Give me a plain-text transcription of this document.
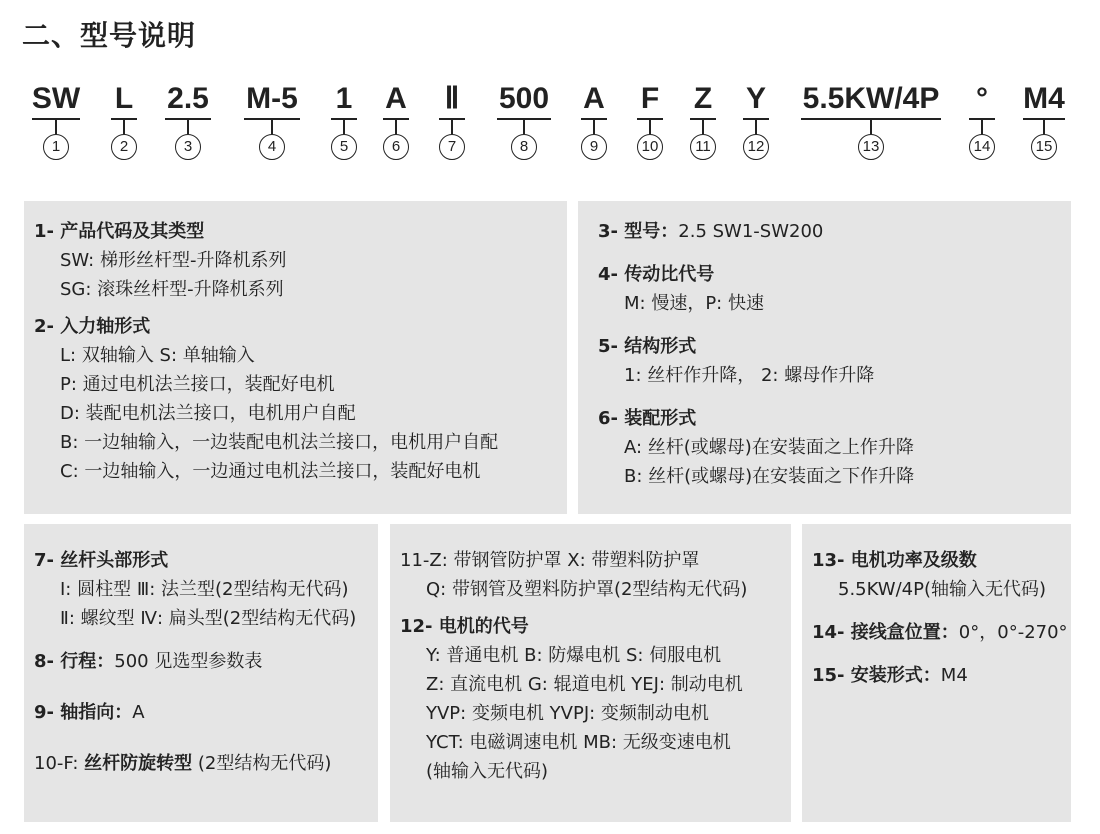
二、型号说明
SW
1
L
2
2.5
3
M-5
4
1
5
A
6
Ⅱ
7
500
8
A
9
F
10
Z
11
Y
12
5.5KW/4P
13
°
14
M4
15
1- 产品代码及其类型
SW: 梯形丝杆型-升降机系列
SG: 滚珠丝杆型-升降机系列
2- 入力轴形式
L: 双轴输入 S: 单轴输入
P: 通过电机法兰接口，装配好电机
D: 装配电机法兰接口，电机用户自配
B: 一边轴输入，一边装配电机法兰接口，电机用户自配
C: 一边轴输入，一边通过电机法兰接口，装配好电机
3- 型号：2.5 SW1-SW200
4- 传动比代号
M: 慢速，P: 快速
5- 结构形式
1: 丝杆作升降， 2: 螺母作升降
6- 装配形式
A: 丝杆(或螺母)在安装面之上作升降
B: 丝杆(或螺母)在安装面之下作升降
7- 丝杆头部形式
Ⅰ: 圆柱型 Ⅲ: 法兰型(2型结构无代码)
Ⅱ: 螺纹型 Ⅳ: 扁头型(2型结构无代码)
8- 行程：500 见选型参数表
9- 轴指向：A
10-F: 丝杆防旋转型 (2型结构无代码)
11-Z: 带钢管防护罩 X: 带塑料防护罩
Q: 带钢管及塑料防护罩(2型结构无代码)
12- 电机的代号
Y: 普通电机 B: 防爆电机 S: 伺服电机
Z: 直流电机 G: 辊道电机 YEJ: 制动电机
YVP: 变频电机 YVPJ: 变频制动电机
YCT: 电磁调速电机 MB: 无级变速电机
(轴输入无代码)
13- 电机功率及级数
5.5KW/4P(轴输入无代码)
14- 接线盒位置：0°，0°-270°
15- 安装形式：M4
